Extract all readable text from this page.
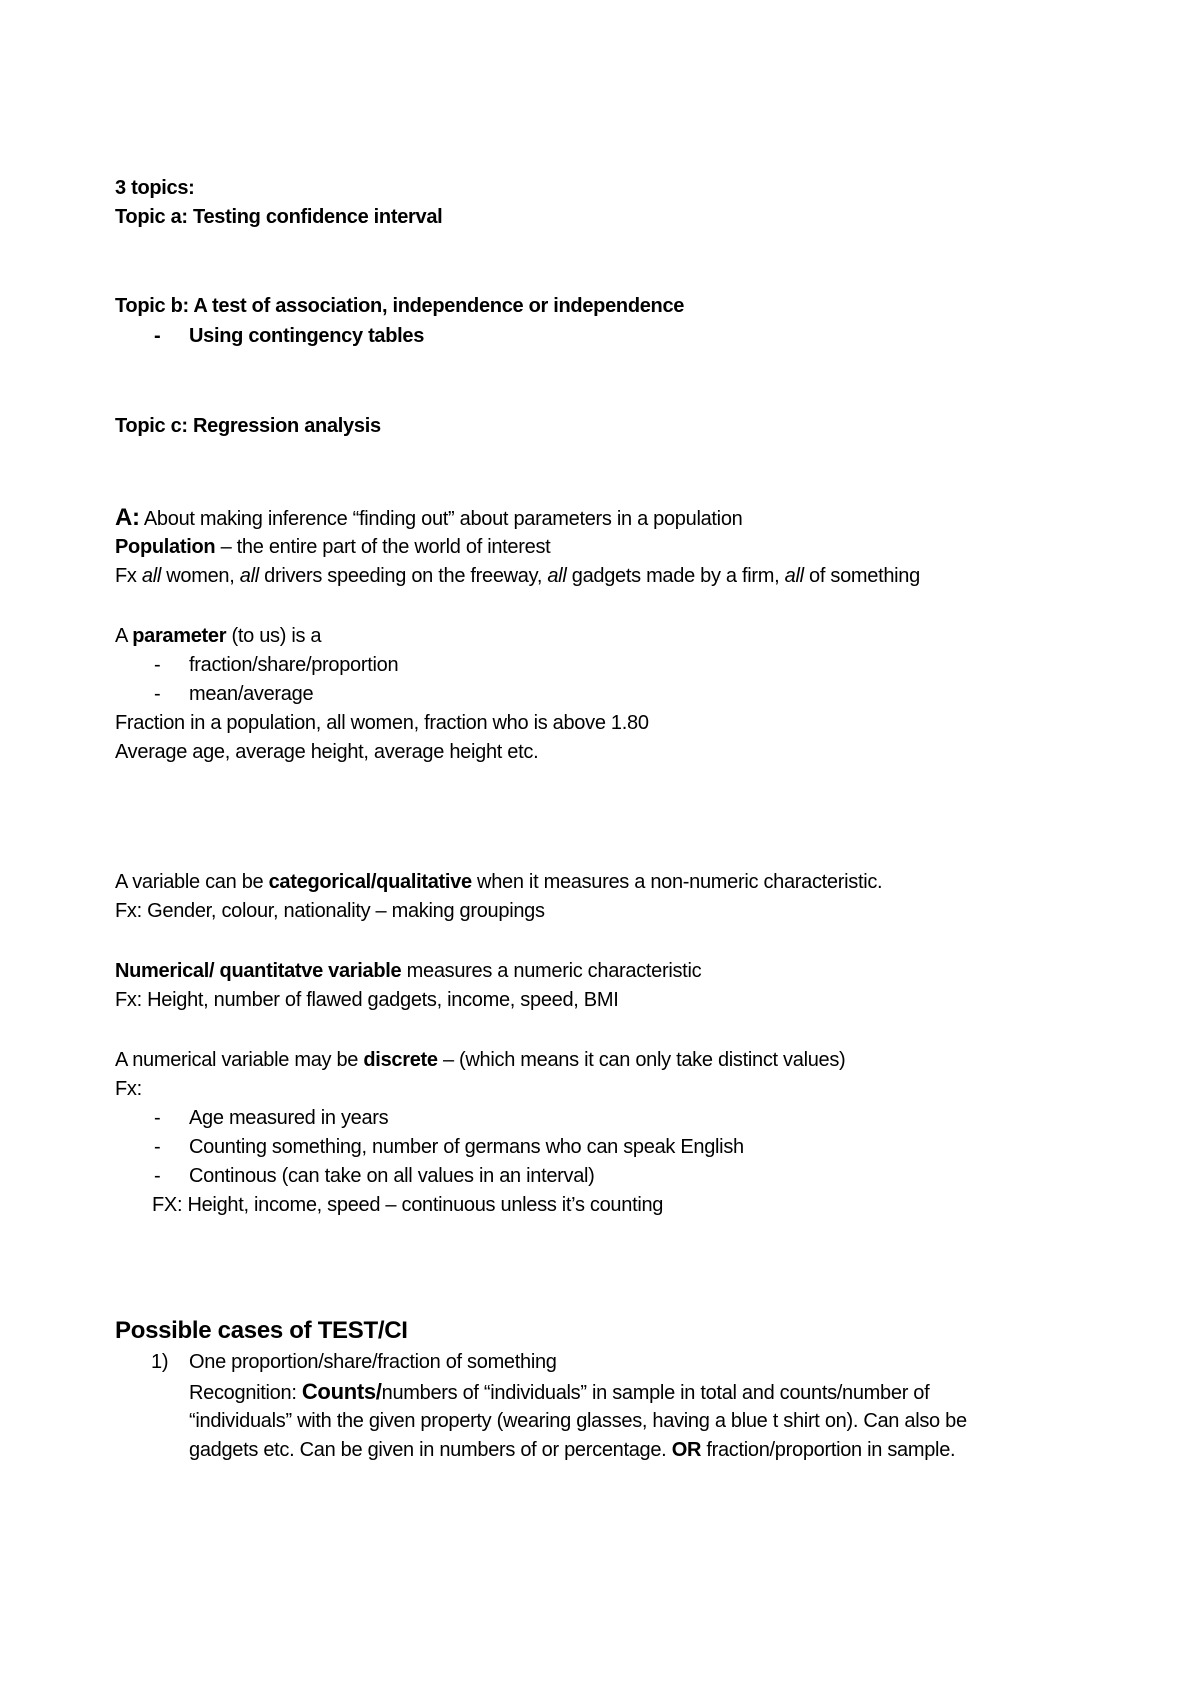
3 topics:
Topic a: Testing confidence interval
Topic b: A test of association, independence or independence
- Using contingency tables
Topic c: Regression analysis
A: About making inference “finding out” about parameters in a population
Population – the entire part of the world of interest
Fx all women, all drivers speeding on the freeway, all gadgets made by a firm, all of something
A parameter (to us) is a
- fraction/share/proportion
- mean/average
Fraction in a population, all women, fraction who is above 1.80
Average age, average height, average height etc.
A variable can be categorical/qualitative when it measures a non-numeric characteristic.
Fx: Gender, colour, nationality – making groupings
Numerical/ quantitatve variable measures a numeric characteristic
Fx: Height, number of flawed gadgets, income, speed, BMI
A numerical variable may be discrete – (which means it can only take distinct values)
Fx:
- Age measured in years
- Counting something, number of germans who can speak English
- Continous (can take on all values in an interval)
FX: Height, income, speed – continuous unless it’s counting
Possible cases of TEST/CI
1) One proportion/share/fraction of something
Recognition: Counts/numbers of “individuals” in sample in total and counts/number of
“individuals” with the given property (wearing glasses, having a blue t shirt on). Can also be
gadgets etc. Can be given in numbers of or percentage. OR fraction/proportion in sample.
